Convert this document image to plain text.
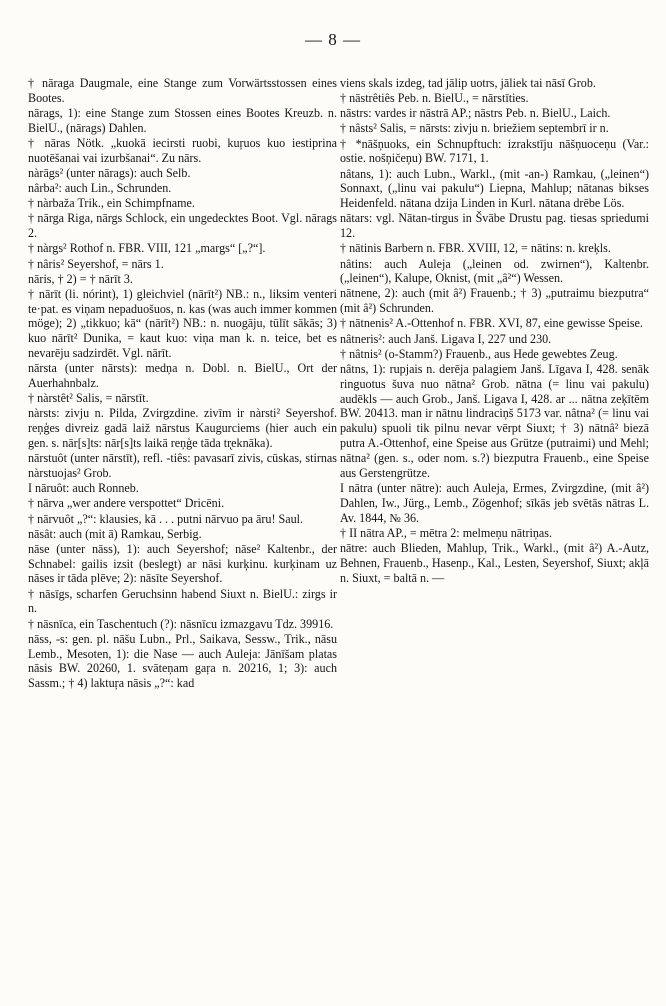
— 8 —

† nāraga Daugmale, eine Stange zum Vorwärtsstossen eines Bootes.

nārags, 1): eine Stange zum Stossen eines Bootes Kreuzb. n. BielU., (nārags) Dahlen.

† nāras Nötk. „kuokā iecirsti ruobi, kuŗuos kuo iestiprina nuotēšanai vai izurbšanai“. Zu nārs.

nàrāgs² (unter nārags): auch Selb.

nârba²: auch Lin., Schrunden.

† nàrbaža Trik., ein Schimpfname.

† nārga Riga, nārgs Schlock, ein ungedecktes Boot. Vgl. nārags 2.

† nàrgs² Rothof n. FBR. VIII, 121 „margs“ [„?“].

† nâris² Seyershof, = nārs 1.

nāris, † 2) = † nārīt 3.

† nārīt (li. nórint), 1) gleichviel (nārīt²) NB.: n., liksim venteri te·pat. es viņam nepaduošuos, n. kas (was auch immer kommen möge); 2) „tikkuo; kā“ (nārīt²) NB.: n. nuogāju, tūlīt sākās; 3) kuo nārīt² Dunika, = kaut kuo: viņa man k. n. teice, bet es nevarēju sadzirdēt. Vgl. nārīt.

nārsta (unter nārsts): medņa n. Dobl. n. BielU., Ort der Auerhahnbalz.

† nàrstêt² Salis, = nārstīt.

nàrsts: zivju n. Pilda, Zvirgzdine. zivīm ir nàrsti² Seyershof. reņģes divreiz gadā laiž nārstus Kaugurciems (hier auch ein gen. s. nār[s]ts: nār[s]ts laikā reņģe tāda tr̨eknāka).

nārstuôt (unter nārstīt), refl. -tiês: pavasarī zivis, cūskas, stirnas nàrstuojas² Grob.

I nāruôt: auch Ronneb.

† nārva „wer andere verspottet“ Dricēni.

† nārvuôt „?“: klausies, kā . . . putni nārvuo pa āru! Saul.

nāsât: auch (mit ā) Ramkau, Serbig.

nāse (unter nāss), 1): auch Seyershof; nāse² Kaltenbr., der Schnabel: gailis izsit (beslegt) ar nāsi kurķinu. kurķinam uz nāses ir tāda plēve; 2): nāsīte Seyershof.

† nāsīgs, scharfen Geruchsinn habend Siuxt n. BielU.: zirgs ir n.

† nāsnīca, ein Taschentuch (?): nāsnīcu izmazgavu Tdz. 39916.

nāss, -s: gen. pl. nāšu Lubn., Prl., Saikava, Sessw., Trik., nāsu Lemb., Mesoten, 1): die Nase — auch Auleja: Jānīšam platas nāsis BW. 20260, 1. svāteņam gaŗa n. 20216, 1; 3): auch Sassm.; † 4) laktuŗa nāsis „?“: kad

viens skals izdeg, tad jālip uotrs, jāliek tai nāsī Grob.

† nāstrêtiês Peb. n. BielU., = nārstīties.

nāstrs: vardes ir nāstrā AP.; nāstrs Peb. n. BielU., Laich.

† nâsts² Salis, = nārsts: zivju n. briežiem septembrī ir n.

† *nāšņuoks, ein Schnupftuch: izrakstīju nāšņuoceņu (Var.: ostie. nošņičeņu) BW. 7171, 1.

nâtans, 1): auch Lubn., Warkl., (mit -an-) Ramkau, („leinen“) Sonnaxt, („linu vai pakulu“) Liepna, Mahlup; nātanas bikses Heidenfeld. nātana dzija Linden in Kurl. nātana drēbe Lös.

nātars: vgl. Nātan-tirgus in Švābe Drustu pag. tiesas spriedumi 12.

† nātinis Barbern n. FBR. XVIII, 12, = nātins: n. kreķls.

nâtins: auch Auleja („leinen od. zwirnen“), Kaltenbr. („leinen“), Kalupe, Oknist, (mit „â²“) Wessen.

nātnene, 2): auch (mit â²) Frauenb.; † 3) „putraimu biezputra“ (mit â²) Schrunden.

† nātnenis² A.-Ottenhof n. FBR. XVI, 87, eine gewisse Speise.

nâtneris²: auch Janš. Ligava I, 227 und 230.

† nâtnis² (o-Stamm?) Frauenb., aus Hede gewebtes Zeug.

nâtns, 1): rupjais n. derēja palagiem Janš. Līgava I, 428. senāk ringuotus šuva nuo nātna² Grob. nātna (= linu vai pakulu) audēkls — auch Grob., Janš. Ligava I, 428. ar ... nātna zeķītēm BW. 20413. man ir nātnu lindraciņš 5173 var. nâtna² (= linu vai pakulu) spuoli tik pilnu nevar vērpt Siuxt; † 3) nātnâ² biezā putra A.-Ottenhof, eine Speise aus Grütze (putraimi) und Mehl; nātna² (gen. s., oder nom. s.?) biezputra Frauenb., eine Speise aus Gerstengrütze.

I nātra (unter nātre): auch Auleja, Ermes, Zvirgzdine, (mit â²) Dahlen, Iw., Jürg., Lemb., Zögenhof; sīkās jeb svētās nātras L. Av. 1844, № 36.

† II nātra AP., = mētra 2: melmeņu nātriņas.

nātre: auch Blieden, Mahlup, Trik., Warkl., (mit â²) A.-Autz, Behnen, Frauenb., Hasenp., Kal., Lesten, Seyershof, Siuxt; akļā n. Siuxt, = baltā n. —
